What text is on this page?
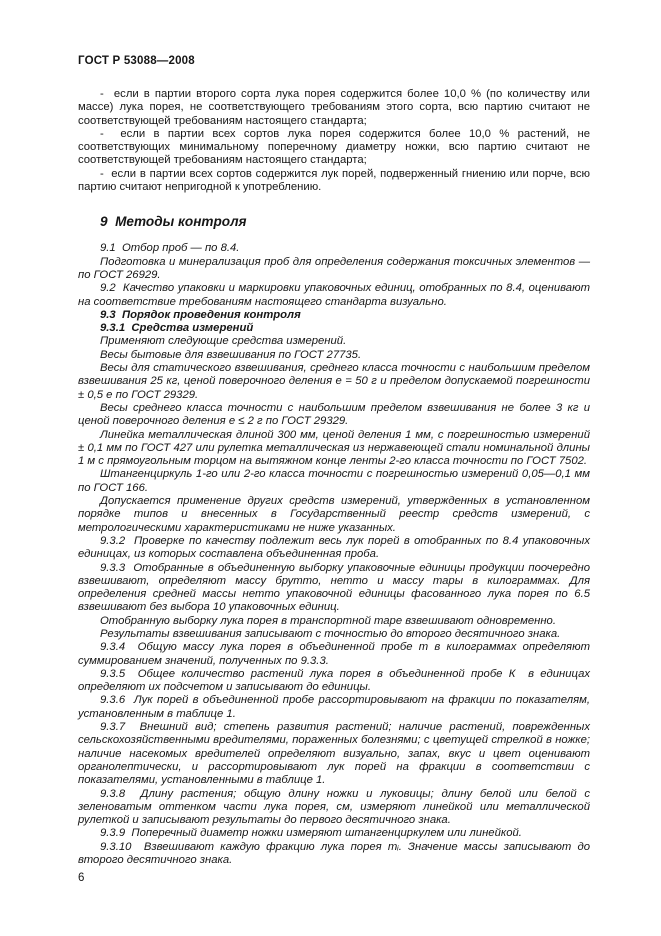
ГОСТ Р 53088—2008

-  если в партии второго сорта лука порея содержится более 10,0 % (по количеству или массе) лука порея, не соответствующего требованиям этого сорта, всю партию считают не соответствующей требованиям настоящего стандарта;

-  если в партии всех сортов лука порея содержится более 10,0 % растений, не соответствующих минимальному поперечному диаметру ножки, всю партию считают не соответствующей требованиям настоящего стандарта;

-  если в партии всех сортов содержится лук порей, подверженный гниению или порче, всю партию считают непригодной к употреблению.

9  Методы контроля

9.1  Отбор проб — по 8.4.

Подготовка и минерализация проб для определения содержания токсичных элементов — по ГОСТ 26929.

9.2  Качество упаковки и маркировки упаковочных единиц, отобранных по 8.4, оценивают на соответствие требованиям настоящего стандарта визуально.

9.3  Порядок проведения контроля

9.3.1  Средства измерений

Применяют следующие средства измерений.

Весы бытовые для взвешивания по ГОСТ 27735.

Весы для статического взвешивания, среднего класса точности с наибольшим пределом взвешивания 25 кг, ценой поверочного деления е = 50 г и пределом допускаемой погрешности ± 0,5 е по ГОСТ 29329.

Весы среднего класса точности с наибольшим пределом взвешивания не более 3 кг и ценой поверочного деления е ≤ 2 г по ГОСТ 29329.

Линейка металлическая длиной 300 мм, ценой деления 1 мм, с погрешностью измерений ± 0,1 мм по ГОСТ 427 или рулетка металлическая из нержавеющей стали номинальной длины 1 м с прямоугольным торцом на вытяжном конце ленты 2-го класса точности по ГОСТ 7502.

Штангенциркуль 1-го или 2-го класса точности с погрешностью измерений 0,05—0,1 мм по ГОСТ 166.

Допускается применение других средств измерений, утвержденных в установленном порядке типов и внесенных в Государственный реестр средств измерений, с метрологическими характеристиками не ниже указанных.

9.3.2  Проверке по качеству подлежит весь лук порей в отобранных по 8.4 упаковочных единицах, из которых составлена объединенная проба.

9.3.3  Отобранные в объединенную выборку упаковочные единицы продукции поочередно взвешивают, определяют массу брутто, нетто и массу тары в килограммах. Для определения средней массы нетто упаковочной единицы фасованного лука порея по 6.5 взвешивают без выбора 10 упаковочных единиц.

Отобранную выборку лука порея в транспортной таре взвешивают одновременно.

Результаты взвешивания записывают с точностью до второго десятичного знака.

9.3.4  Общую массу лука порея в объединенной пробе m в килограммах определяют суммированием значений, полученных по 9.3.3.

9.3.5  Общее количество растений лука порея в объединенной пробе К  в единицах определяют их подсчетом и записывают до единицы.

9.3.6  Лук порей в объединенной пробе рассортировывают на фракции по показателям, установленным в таблице 1.

9.3.7  Внешний вид; степень развития растений; наличие растений, поврежденных сельскохозяйственными вредителями, пораженных болезнями; с цветущей стрелкой в ножке; наличие насекомых вредителей определяют визуально, запах, вкус и цвет оценивают органолептически, и рассортировывают лук порей на фракции в соответствии с показателями, установленными в таблице 1.

9.3.8  Длину растения; общую длину ножки и луковицы; длину белой или белой с зеленоватым оттенком части лука порея, см, измеряют линейкой или металлической рулеткой и записывают результаты до первого десятичного знака.

9.3.9  Поперечный диаметр ножки измеряют штангенциркулем или линейкой.

9.3.10  Взвешивают каждую фракцию лука порея mᵢ. Значение массы записывают до второго десятичного знака.

6
